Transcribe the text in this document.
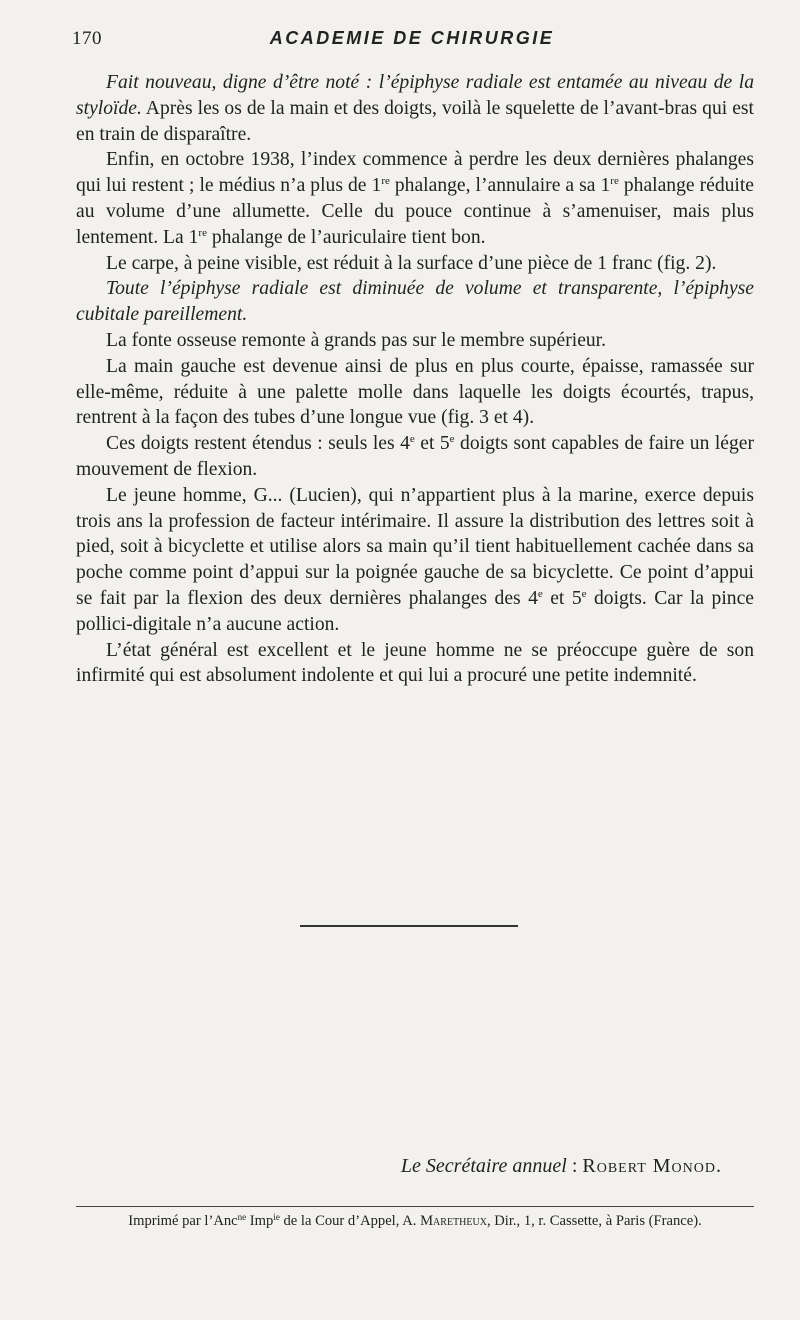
170	ACADEMIE DE CHIRURGIE

Fait nouveau, digne d’être noté : l’épiphyse radiale est entamée au niveau de la styloïde. Après les os de la main et des doigts, voilà le squelette de l’avant-bras qui est en train de disparaître.

Enfin, en octobre 1938, l’index commence à perdre les deux dernières phalanges qui lui restent ; le médius n’a plus de 1re phalange, l’annulaire a sa 1re phalange réduite au volume d’une allumette. Celle du pouce continue à s’amenuiser, mais plus lentement. La 1re phalange de l’auriculaire tient bon.

Le carpe, à peine visible, est réduit à la surface d’une pièce de 1 franc (fig. 2).

Toute l’épiphyse radiale est diminuée de volume et transparente, l’épiphyse cubitale pareillement.

La fonte osseuse remonte à grands pas sur le membre supérieur.

La main gauche est devenue ainsi de plus en plus courte, épaisse, ramassée sur elle-même, réduite à une palette molle dans laquelle les doigts écourtés, trapus, rentrent à la façon des tubes d’une longue vue (fig. 3 et 4).

Ces doigts restent étendus : seuls les 4e et 5e doigts sont capables de faire un léger mouvement de flexion.

Le jeune homme, G... (Lucien), qui n’appartient plus à la marine, exerce depuis trois ans la profession de facteur intérimaire. Il assure la distribution des lettres soit à pied, soit à bicyclette et utilise alors sa main qu’il tient habituellement cachée dans sa poche comme point d’appui sur la poignée gauche de sa bicyclette. Ce point d’appui se fait par la flexion des deux dernières phalanges des 4e et 5e doigts. Car la pince pollici-digitale n’a aucune action.

L’état général est excellent et le jeune homme ne se préoccupe guère de son infirmité qui est absolument indolente et qui lui a procuré une petite indemnité.

Le Secrétaire annuel : Robert Monod.
Imprimé par l’Anc$^{ne}$ Imp$^{ie}$ de la Cour d’Appel, A. Maretheux, Dir., 1, r. Cassette, à Paris (France).
